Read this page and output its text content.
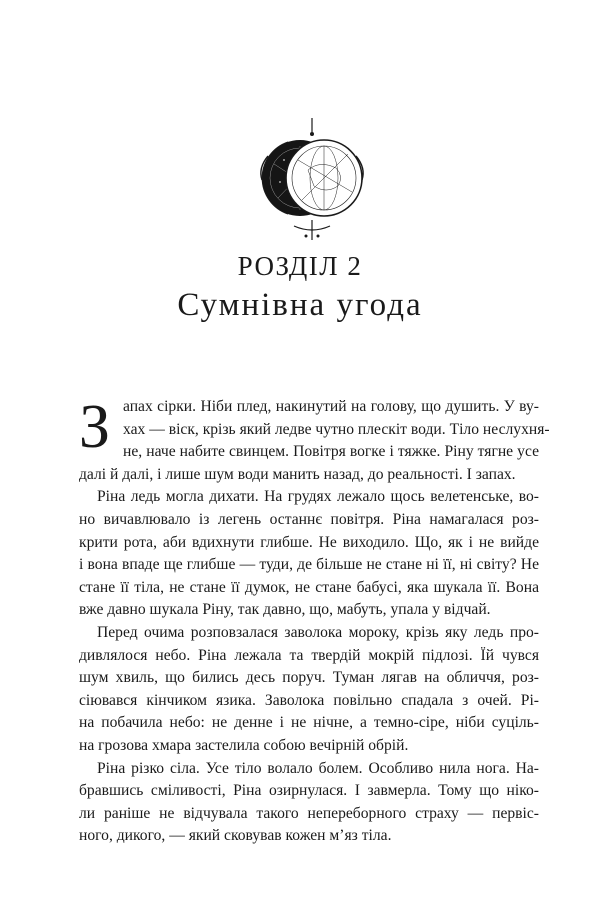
РОЗДІЛ 2
Сумнівна угода
З апах сірки. Ніби плед, накинутий на голову, що душить. У ву-
хах — віск, крізь який ледве чутно плескіт води. Тіло неслухня-
не, наче набите свинцем. Повітря вогке і тяжке. Ріну тягне усе
далі й далі, і лише шум води манить назад, до реальності. І запах.

Ріна ледь могла дихати. На грудях лежало щось велетенське, во-
но вичавлювало із легень останнє повітря. Ріна намагалася роз-
крити рота, аби вдихнути глибше. Не виходило. Що, як і не вийде
і вона впаде ще глибше — туди, де більше не стане ні її, ні світу? Не
стане її тіла, не стане її думок, не стане бабусі, яка шукала її. Вона
вже давно шукала Ріну, так давно, що, мабуть, упала у відчай.

Перед очима розповзалася заволока мороку, крізь яку ледь про-
дивлялося небо. Ріна лежала та твердій мокрій підлозі. Їй чувся
шум хвиль, що бились десь поруч. Туман лягав на обличчя, роз-
сіювався кінчиком язика. Заволока повільно спадала з очей. Рі-
на побачила небо: не денне і не нічне, а темно-сіре, ніби суціль-
на грозова хмара застелила собою вечірній обрій.

Ріна різко сіла. Усе тіло волало болем. Особливо нила нога. На-
бравшись сміливості, Ріна озирнулася. І завмерла. Тому що ніко-
ли раніше не відчувала такого непереборного страху — первіс-
ного, дикого, — який сковував кожен м’яз тіла.
